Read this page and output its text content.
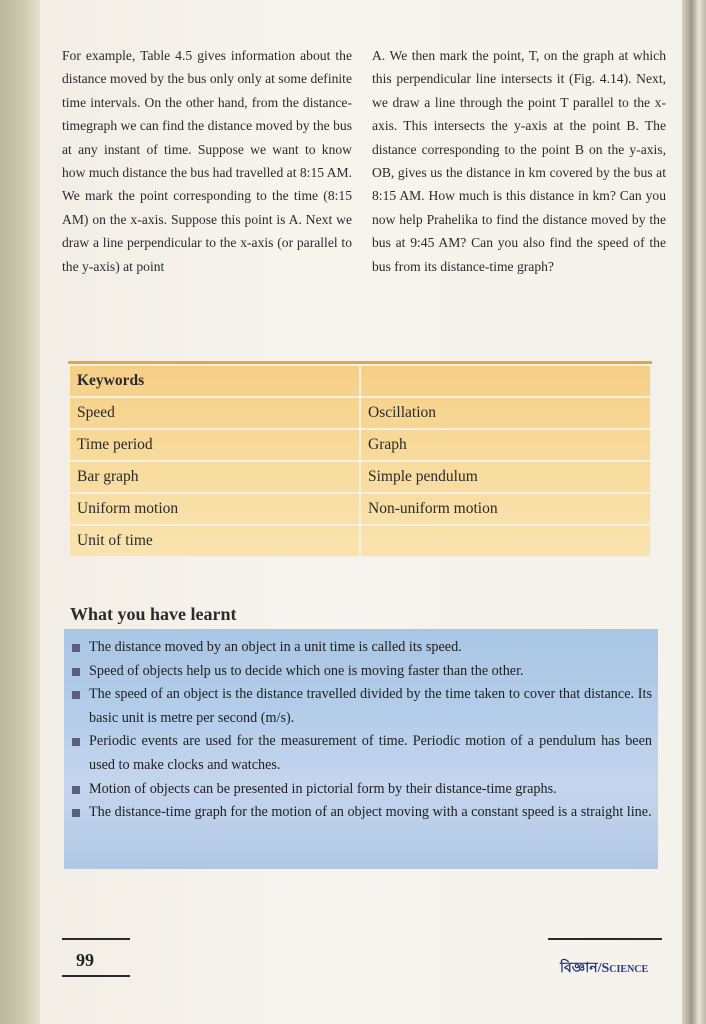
For example, Table 4.5 gives information about the distance moved by the bus only only at some definite time intervals. On the other hand, from the distance-timegraph we can find the distance moved by the bus at any instant of time. Suppose we want to know how much distance the bus had travelled at 8:15 AM. We mark the point corresponding to the time (8:15 AM) on the x-axis. Suppose this point is A. Next we draw a line perpendicular to the x-axis (or parallel to the y-axis) at point

A. We then mark the point, T, on the graph at which this perpendicular line intersects it (Fig. 4.14). Next, we draw a line through the point T parallel to the x-axis. This intersects the y-axis at the point B. The distance corresponding to the point B on the y-axis, OB, gives us the distance in km covered by the bus at 8:15 AM. How much is this distance in km? Can you now help Prahelika to find the distance moved by the bus at 9:45 AM? Can you also find the speed of the bus from its distance-time graph?

Keywords	
Speed	Oscillation
Time period	Graph
Bar graph	Simple pendulum
Uniform motion	Non-uniform motion
Unit of time	
What you have learnt
The distance moved by an object in a unit time is called its speed.
Speed of objects help us to decide which one is moving faster than the other.
The speed of an object is the distance travelled divided by the time taken to cover that distance. Its basic unit is metre per second (m/s).
Periodic events are used for the measurement of time. Periodic motion of a pendulum has been used to make clocks and watches.
Motion of objects can be presented in pictorial form by their distance-time graphs.
The distance-time graph for the motion of an object moving with a constant speed is a straight line.

99	বিজ্ঞান/Science
